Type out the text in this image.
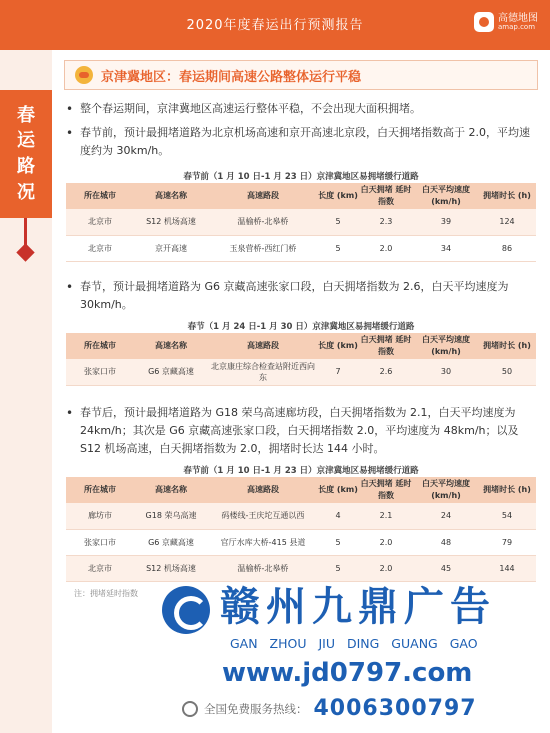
2020年度春运出行预测报告	高德地图
amap.com
春
运
路
况
京津冀地区：春运期间高速公路整体运行平稳
• 整个春运期间，京津冀地区高速运行整体平稳，不会出现大面积拥堵。
• 春节前，预计最拥堵道路为北京机场高速和京开高速北京段，白天拥堵指数高于 2.0，平均速度约为 30km/h。
春节前（1 月 10 日-1 月 23 日）京津冀地区易拥堵缓行道路
所在城市	高速名称	高速路段	长度 (km)	白天拥堵 延时指数	白天平均速度 (km/h)	拥堵时长 (h)
北京市	S12 机场高速	温榆桥-北皋桥	5	2.3	39	124
北京市	京开高速	玉泉营桥-西红门桥	5	2.0	34	86
• 春节，预计最拥堵道路为 G6 京藏高速张家口段，白天拥堵指数为 2.6，白天平均速度为 30km/h。
春节（1 月 24 日-1 月 30 日）京津冀地区易拥堵缓行道路
所在城市	高速名称	高速路段	长度 (km)	白天拥堵 延时指数	白天平均速度 (km/h)	拥堵时长 (h)
张家口市	G6 京藏高速	北京康庄综合检查站附近西向东	7	2.6	30	50
• 春节后，预计最拥堵道路为 G18 荣乌高速廊坊段，白天拥堵指数为 2.1，白天平均速度为 24km/h；其次是 G6 京藏高速张家口段，白天拥堵指数 2.0，平均速度为 48km/h；以及 S12 机场高速，白天拥堵指数为 2.0，拥堵时长达 144 小时。
春节前（1 月 10 日-1 月 23 日）京津冀地区易拥堵缓行道路
所在城市	高速名称	高速路段	长度 (km)	白天拥堵 延时指数	白天平均速度 (km/h)	拥堵时长 (h)
廊坊市	G18 荣乌高速	码楼线-王庆坨互通以西	4	2.1	24	54
张家口市	G6 京藏高速	官厅水库大桥-415 县道	5	2.0	48	79
北京市	S12 机场高速	温榆桥-北皋桥	5	2.0	45	144
注：拥堵延时指数 赣州九鼎广告
GAN ZHOU JIU DING GUANG GAO
www.jd0797.com
全国免费服务热线： 4006300797
